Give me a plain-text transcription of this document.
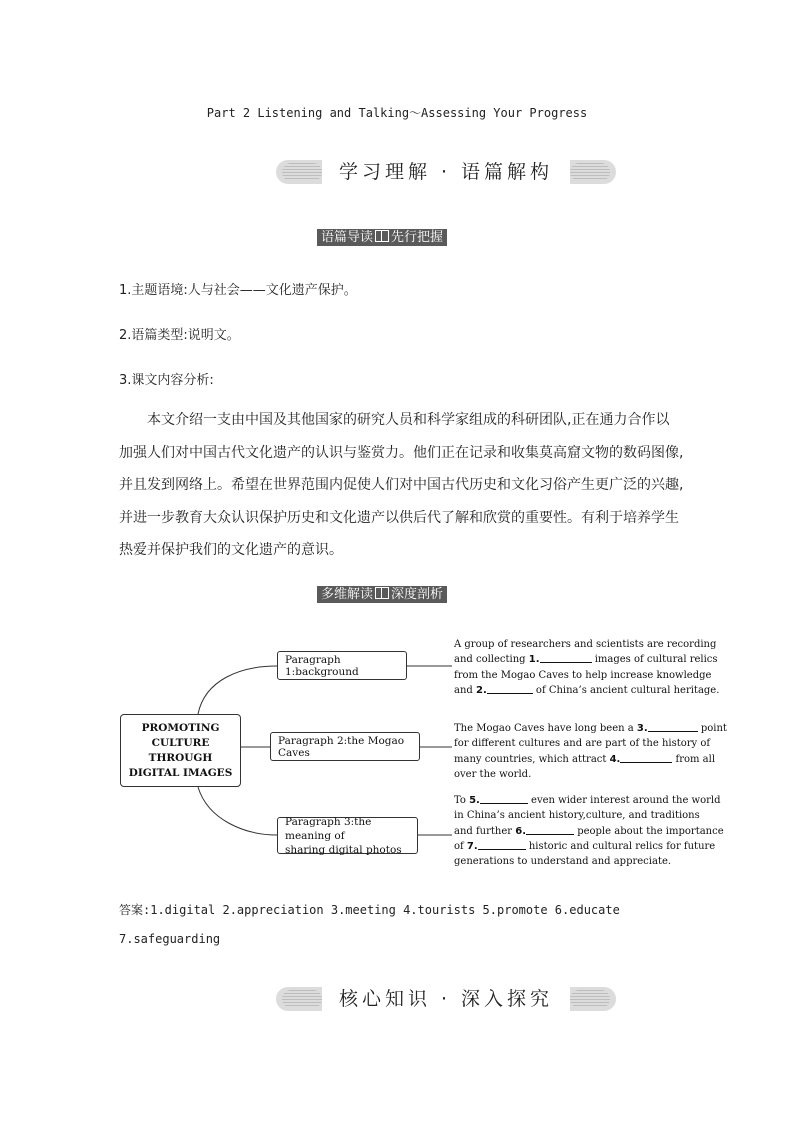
Part 2 Listening and Talking～Assessing Your Progress
学习理解 · 语篇解构
语篇导读 先行把握
1.主题语境:人与社会——文化遗产保护。
2.语篇类型:说明文。
3.课文内容分析:
本文介绍一支由中国及其他国家的研究人员和科学家组成的科研团队,正在通力合作以
加强人们对中国古代文化遗产的认识与鉴赏力。他们正在记录和收集莫高窟文物的数码图像,
并且发到网络上。希望在世界范围内促使人们对中国古代历史和文化习俗产生更广泛的兴趣,
并进一步教育大众认识保护历史和文化遗产以供后代了解和欣赏的重要性。有利于培养学生
热爱并保护我们的文化遗产的意识。
多维解读 深度剖析
PROMOTING
CULTURE THROUGH
DIGITAL IMAGES
Paragraph 1:background
Paragraph 2:the Mogao Caves
Paragraph 3:the meaning of
sharing digital photos
A group of researchers and scientists are recording
and collecting 1.	images of cultural relics
from the Mogao Caves to help increase knowledge
and 2.	of China’s ancient cultural heritage.
The Mogao Caves have long been a 3.	point
for different cultures and are part of the history of
many countries, which attract 4.	from all
over the world.
To 5.	even wider interest around the world
in China’s ancient history,culture, and traditions
and further 6.	people about the importance
of 7.	historic and cultural relics for future
generations to understand and appreciate.
答案:1.digital 2.appreciation 3.meeting 4.tourists 5.promote 6.educate
7.safeguarding
核心知识 · 深入探究
